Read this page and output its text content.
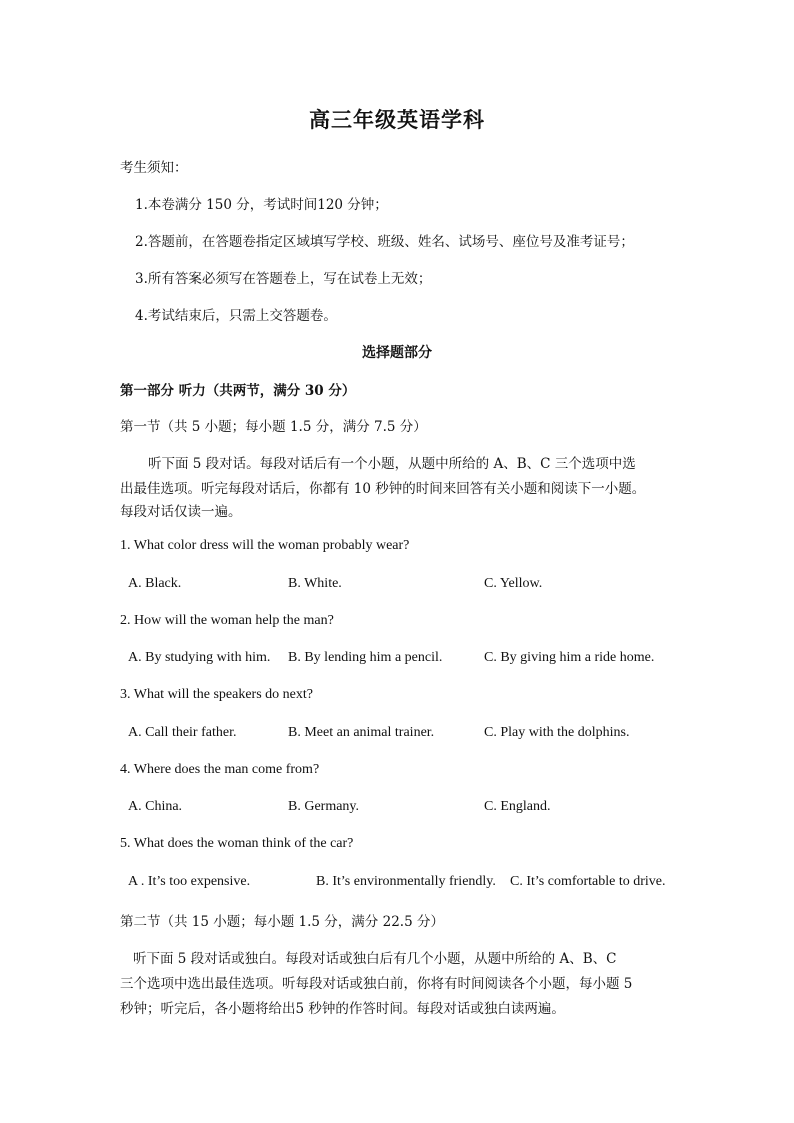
高三年级英语学科
考生须知：
1.本卷满分 150 分，考试时间120 分钟；
2.答题前，在答题卷指定区域填写学校、班级、姓名、试场号、座位号及准考证号；
3.所有答案必须写在答题卷上，写在试卷上无效；
4.考试结束后，只需上交答题卷。
选择题部分
第一部分 听力（共两节，满分 30 分）
第一节（共 5 小题；每小题 1.5 分，满分 7.5 分）
听下面 5 段对话。每段对话后有一个小题，从题中所给的 A、B、C 三个选项中选
出最佳选项。听完每段对话后，你都有 10 秒钟的时间来回答有关小题和阅读下一小题。
每段对话仅读一遍。
1. What color dress will the woman probably wear?
A. Black.	B. White.	C. Yellow.
2. How will the woman help the man?
A. By studying with him. B. By lending him a pencil.	C. By giving him a ride home.
3. What will the speakers do next?
A. Call their father.	B. Meet an animal trainer.	C. Play with the dolphins.
4. Where does the man come from?
A. China.	B. Germany.	C. England.
5. What does the woman think of the car?
A . It’s too expensive.	B. It’s environmentally friendly. C. It’s comfortable to drive.
第二节（共 15 小题；每小题 1.5 分，满分 22.5 分）
听下面 5 段对话或独白。每段对话或独白后有几个小题，从题中所给的 A、B、C
三个选项中选出最佳选项。听每段对话或独白前，你将有时间阅读各个小题，每小题 5
秒钟；听完后，各小题将给出5 秒钟的作答时间。每段对话或独白读两遍。
